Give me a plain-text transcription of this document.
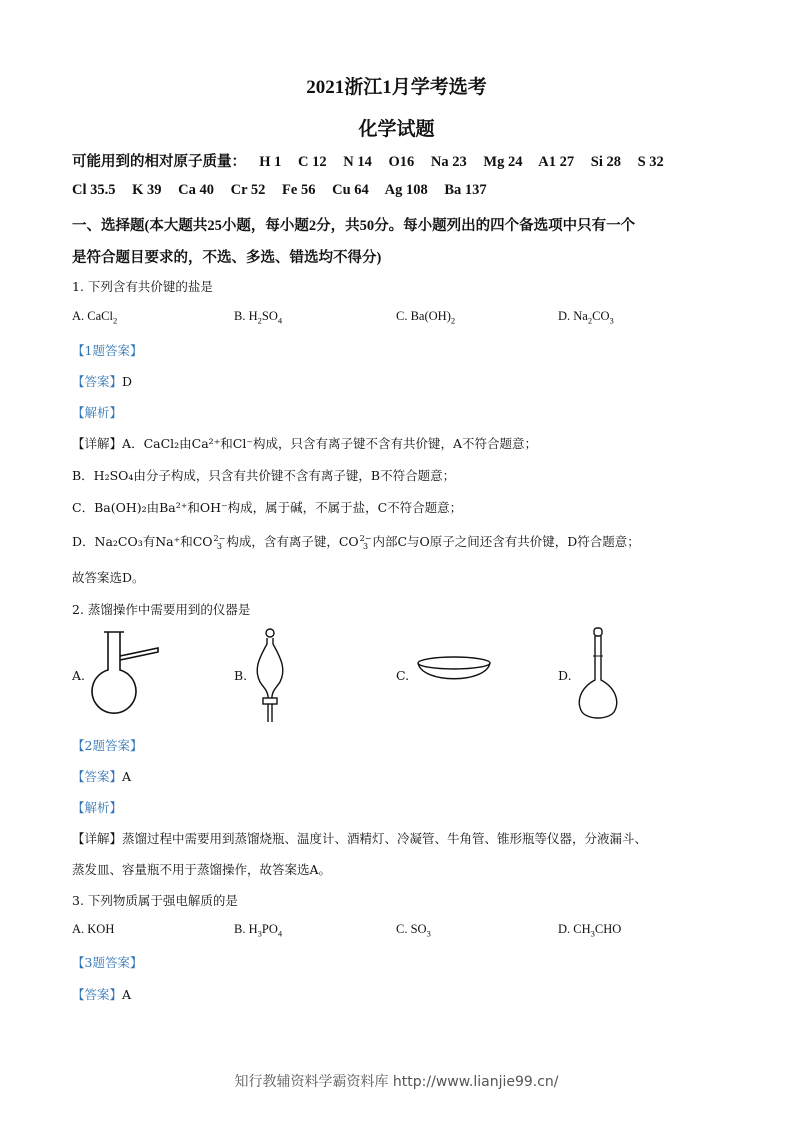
2021浙江1月学考选考
化学试题
可能用到的相对原子质量： H 1 C 12 N 14 O16 Na 23 Mg 24 A1 27 Si 28 S 32
Cl 35.5 K 39 Ca 40 Cr 52 Fe 56 Cu 64 Ag 108 Ba 137
一、选择题(本大题共25小题，每小题2分，共50分。每小题列出的四个备选项中只有一个
是符合题目要求的，不选、多选、错选均不得分)
1. 下列含有共价键的盐是
A. CaCl$_2$	B. $H_2SO_4$	C. $Ba(OH)_2$	D. $Na_2CO_3$
【1题答案】
【答案】D
【解析】
【详解】A．CaCl₂由Ca²⁺和Cl⁻构成，只含有离子键不含有共价键，A不符合题意；
B．H₂SO₄由分子构成，只含有共价键不含有离子键，B不符合题意；
C．Ba(OH)₂由Ba²⁺和OH⁻构成，属于碱，不属于盐，C不符合题意；
D．Na₂CO₃有Na⁺和CO2−
3 构成，含有离子键，CO2−
3 内部C与O原子之间还含有共价键，D符合题意；
故答案选D。
2. 蒸馏操作中需要用到的仪器是
A.	B.	C.	D.
【2题答案】
【答案】A
【解析】
【详解】蒸馏过程中需要用到蒸馏烧瓶、温度计、酒精灯、冷凝管、牛角管、锥形瓶等仪器，分液漏斗、
蒸发皿、容量瓶不用于蒸馏操作，故答案选A。
3. 下列物质属于强电解质的是
A. KOH	B. $H_3PO_4$	C. $SO_3$	D. $CH_3CHO$
【3题答案】
【答案】A
知行教辅资料学霸资料库 http://www.lianjie99.cn/
